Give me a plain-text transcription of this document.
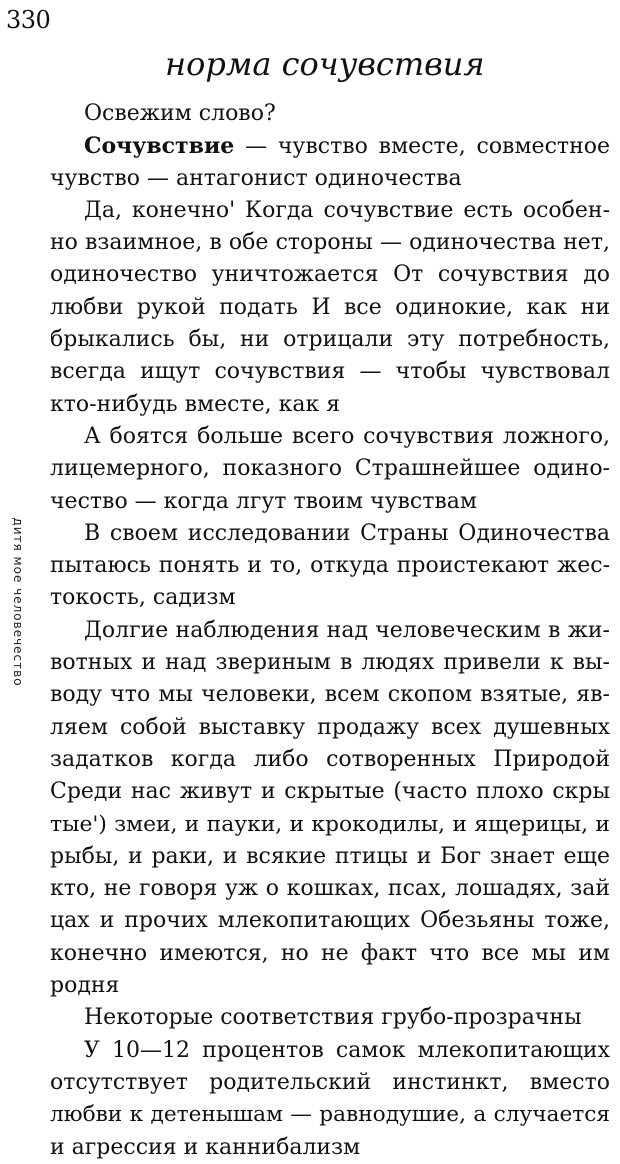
330
норма сочувствия
дитя мое человечество
Освежим слово?
Сочувствие — чувство вместе, совместное
чувство — антагонист одиночества
Да, конечно' Когда сочувствие есть особен-
но взаимное, в обе стороны — одиночества нет,
одиночество уничтожается От сочувствия до
любви рукой подать И все одинокие, как ни
брыкались бы, ни отрицали эту потребность,
всегда ищут сочувствия — чтобы чувствовал
кто-нибудь вместе, как я
А боятся больше всего сочувствия ложного,
лицемерного, показного Страшнейшее одино-
чество — когда лгут твоим чувствам
В своем исследовании Страны Одиночества
пытаюсь понять и то, откуда проистекают жес-
токость, садизм
Долгие наблюдения над человеческим в жи-
вотных и над звериным в людях привели к вы-
воду что мы человеки, всем скопом взятые, яв-
ляем собой выставку продажу всех душевных
задатков когда либо сотворенных Природой
Среди нас живут и скрытые (часто плохо скры
тые') змеи, и пауки, и крокодилы, и ящерицы, и
рыбы, и раки, и всякие птицы и Бог знает еще
кто, не говоря уж о кошках, псах, лошадях, зай
цах и прочих млекопитающих Обезьяны тоже,
конечно имеются, но не факт что все мы им
родня
Некоторые соответствия грубо-прозрачны
У 10—12 процентов самок млекопитающих
отсутствует родительский инстинкт, вместо
любви к детенышам — равнодушие, а случается
и агрессия и каннибализм
